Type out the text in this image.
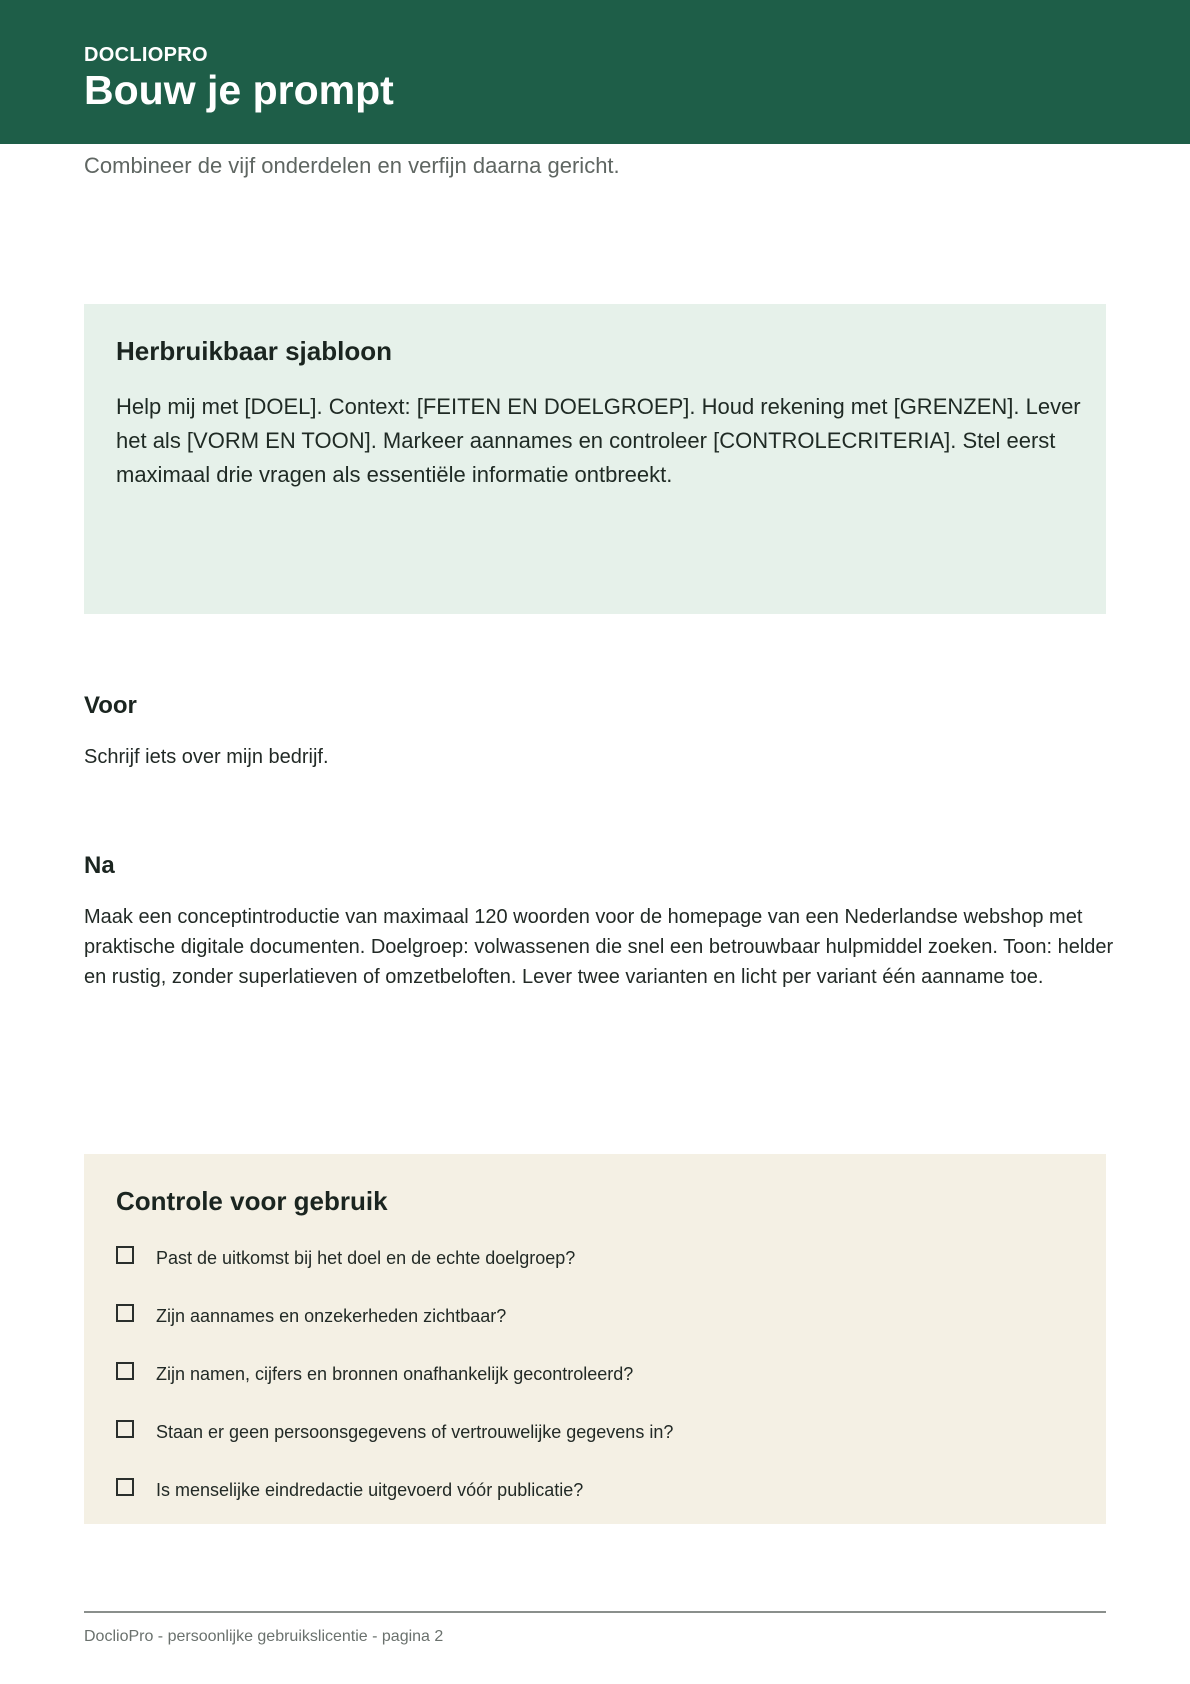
DOCLIOPRO
Bouw je prompt
Combineer de vijf onderdelen en verfijn daarna gericht.
Herbruikbaar sjabloon

Help mij met [DOEL]. Context: [FEITEN EN DOELGROEP]. Houd rekening met [GRENZEN]. Lever het als [VORM EN TOON]. Markeer aannames en controleer [CONTROLECRITERIA]. Stel eerst maximaal drie vragen als essentiële informatie ontbreekt.

Voor

Schrijf iets over mijn bedrijf.

Na

Maak een conceptintroductie van maximaal 120 woorden voor de homepage van een Nederlandse webshop met praktische digitale documenten. Doelgroep: volwassenen die snel een betrouwbaar hulpmiddel zoeken. Toon: helder en rustig, zonder superlatieven of omzetbeloften. Lever twee varianten en licht per variant één aanname toe.

Controle voor gebruik
Past de uitkomst bij het doel en de echte doelgroep?
Zijn aannames en onzekerheden zichtbaar?
Zijn namen, cijfers en bronnen onafhankelijk gecontroleerd?
Staan er geen persoonsgegevens of vertrouwelijke gegevens in?
Is menselijke eindredactie uitgevoerd vóór publicatie?
DoclioPro - persoonlijke gebruikslicentie - pagina 2
